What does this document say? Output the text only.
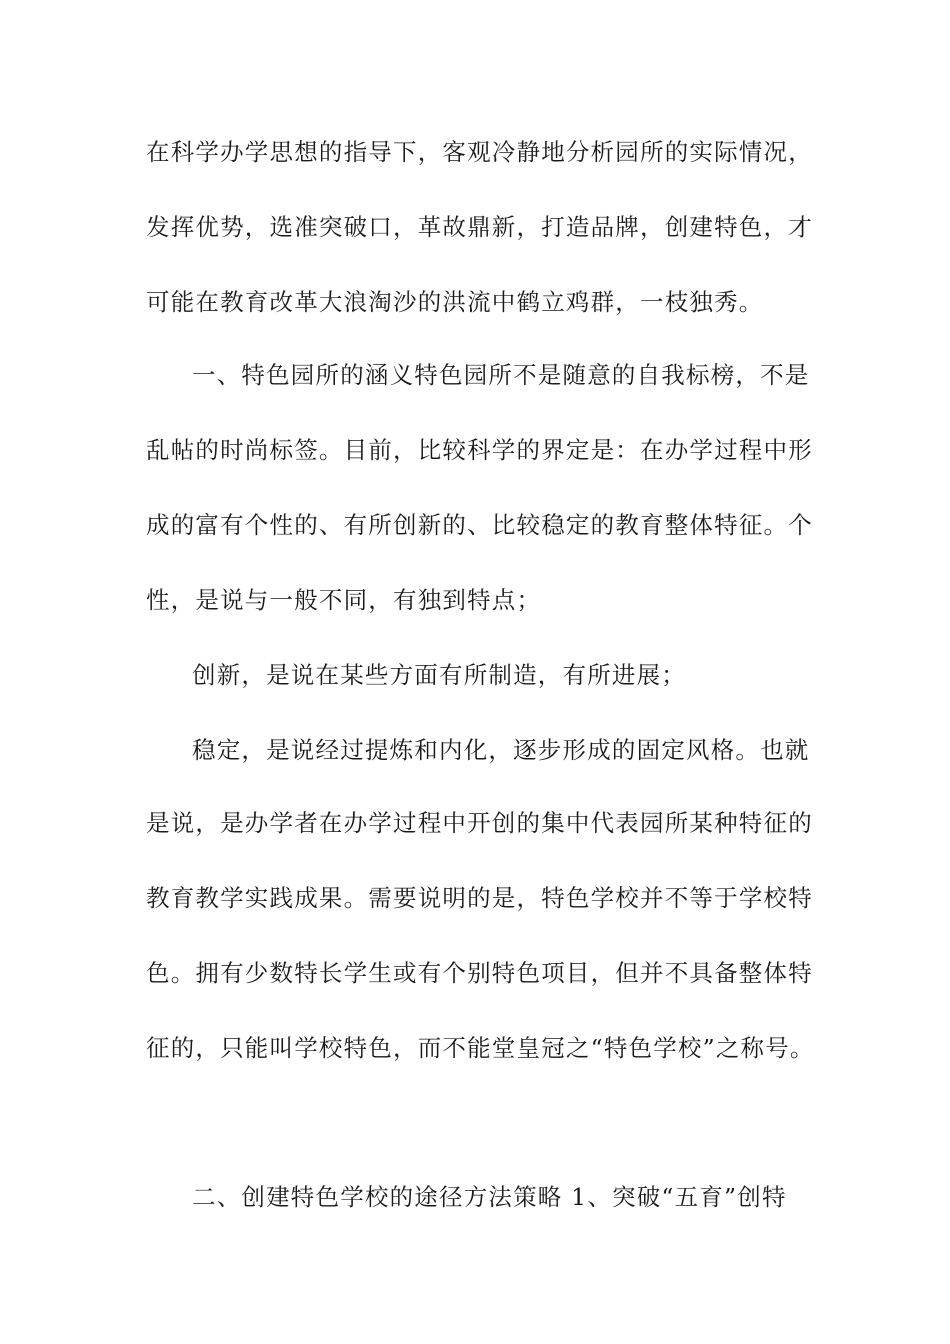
在科学办学思想的指导下，客观冷静地分析园所的实际情况，
发挥优势，选准突破口，革故鼎新，打造品牌，创建特色，才
可能在教育改革大浪淘沙的洪流中鹤立鸡群，一枝独秀。
一、特色园所的涵义特色园所不是随意的自我标榜，不是
乱帖的时尚标签。目前，比较科学的界定是：在办学过程中形
成的富有个性的、有所创新的、比较稳定的教育整体特征。个
性，是说与一般不同，有独到特点；
创新，是说在某些方面有所制造，有所进展；
稳定，是说经过提炼和内化，逐步形成的固定风格。也就
是说，是办学者在办学过程中开创的集中代表园所某种特征的
教育教学实践成果。需要说明的是，特色学校并不等于学校特
色。拥有少数特长学生或有个别特色项目，但并不具备整体特
征的，只能叫学校特色，而不能堂皇冠之“特色学校”之称号。
二、创建特色学校的途径方法策略 1、突破“五育”创特
